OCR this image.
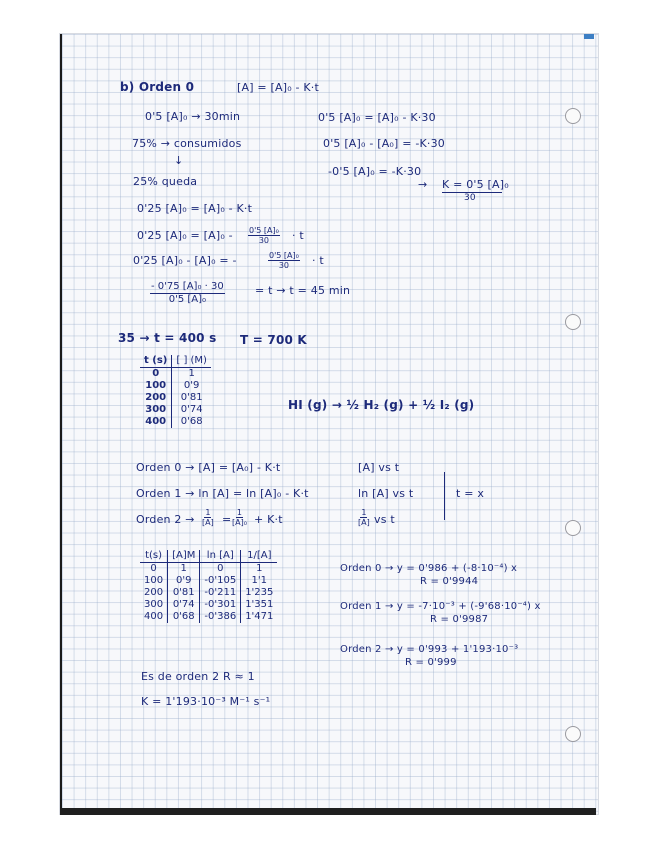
b) Orden 0	[A] = [A]₀ - K·t
0'5 [A]₀ → 30min	0'5 [A]₀ = [A]₀ - K·30
75% → consumidos	0'5 [A]₀ - [A₀] = -K·30
↓
-0'5 [A]₀ = -K·30
→ K = 0'5 [A]₀
30
25% queda
0'25 [A]₀ = [A]₀ - K·t
0'25 $[A]_0 = [A]_0 - \frac{\text{0'5 [A]₀}}{30} \cdot t$
0'25 [A]₀ - [A]₀ = -	$\frac{\text{0'5 [A]₀}}{30} \cdot t$
$\frac{\text{- 0'75 [A]₀ · 30}}{\text{0'5 [A]₀}}$	= t → t = 45 min
35 → t = 400 s T = 700 K
t (s)	[ ] (M)
0	1
100	0'9
200	0'81
300	0'74
400	0'68
HI (g) → ½ H₂ (g) + ½ I₂ (g)
Orden 0 → [A] = [A₀] - K·t	[A] vs t
Orden 1 → ln [A] = ln [A]₀ - K·t	ln [A] vs t	t = x
Orden $2 \to \frac{1}{[A]} = \frac{1}{\text{[A]₀}} + K\cdot t$	$\frac{1}{[A]}$ vs t
t(s)	[A]M	ln [A]	1/[A]
0	1	0	1
100	0'9	-0'105	1'1
200	0'81	-0'211	1'235
300	0'74	-0'301	1'351
400	0'68	-0'386	1'471
Orden 0 → y = 0'986 + (-8·10⁻⁴) x
R = 0'9944
Orden 1 → y = -7·10⁻³ + (-9'68·10⁻⁴) x
R = 0'9987
Orden 2 → y = 0'993 + 1'193·10⁻³
R = 0'999
Es de orden 2 R ≈ 1
K = 1'193·10⁻³ M⁻¹ s⁻¹
